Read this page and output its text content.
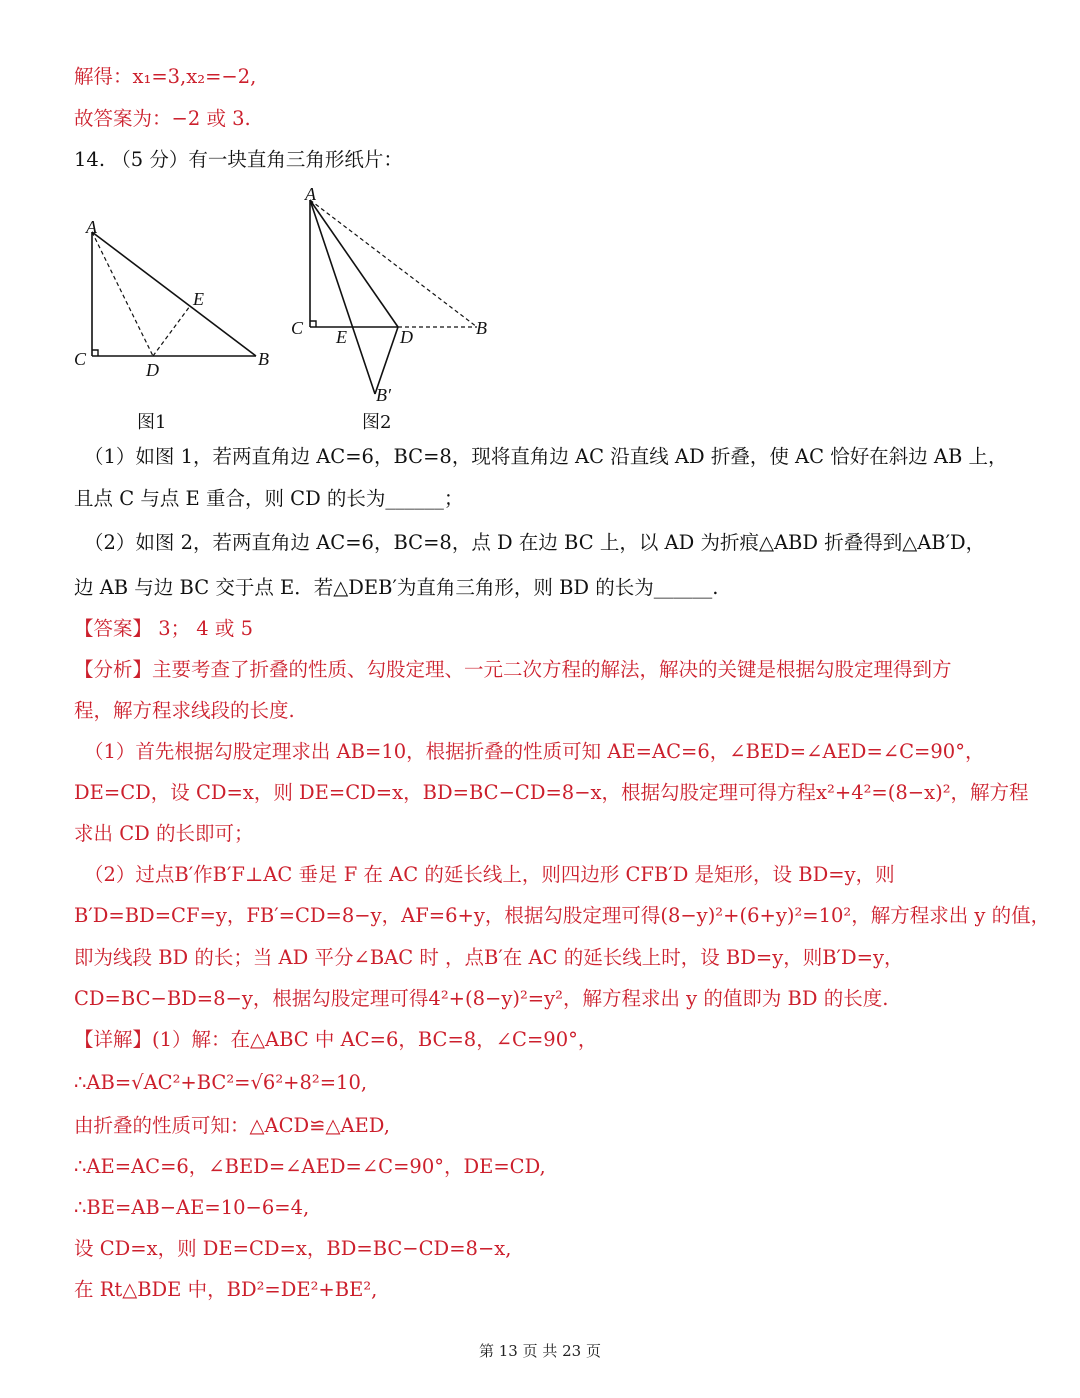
解得：x₁=3,x₂=−2,
故答案为：−2 或 3.
14. （5 分）有一块直角三角形纸片：
A
C
D
E
B
图1
A
C E	D	B
B′
图2
（1）如图 1，若两直角边 AC=6，BC=8，现将直角边 AC 沿直线 AD 折叠，使 AC 恰好在斜边 AB 上，
且点 C 与点 E 重合，则 CD 的长为______；
（2）如图 2，若两直角边 AC=6，BC=8，点 D 在边 BC 上，以 AD 为折痕△ABD 折叠得到△AB′D，
边 AB 与边 BC 交于点 E．若△DEB′为直角三角形，则 BD 的长为______.
【答案】 3； 4 或 5
【分析】主要考查了折叠的性质、勾股定理、一元二次方程的解法，解决的关键是根据勾股定理得到方
程，解方程求线段的长度.
（1）首先根据勾股定理求出 AB=10，根据折叠的性质可知 AE=AC=6，∠BED=∠AED=∠C=90°，
DE=CD，设 CD=x，则 DE=CD=x，BD=BC−CD=8−x，根据勾股定理可得方程x²+4²=(8−x)²，解方程
求出 CD 的长即可；
（2）过点B′作B′F⊥AC 垂足 F 在 AC 的延长线上，则四边形 CFB′D 是矩形，设 BD=y，则
B′D=BD=CF=y，FB′=CD=8−y，AF=6+y，根据勾股定理可得(8−y)²+(6+y)²=10²，解方程求出 y 的值，
即为线段 BD 的长；当 AD 平分∠BAC 时 ，点B′在 AC 的延长线上时，设 BD=y，则B′D=y，
CD=BC−BD=8−y，根据勾股定理可得4²+(8−y)²=y²，解方程求出 y 的值即为 BD 的长度.
【详解】(1）解：在△ABC 中 AC=6，BC=8，∠C=90°，
∴AB=√AC²+BC²=√6²+8²=10,
由折叠的性质可知：△ACD≌△AED,
∴AE=AC=6，∠BED=∠AED=∠C=90°，DE=CD,
∴BE=AB−AE=10−6=4,
设 CD=x，则 DE=CD=x，BD=BC−CD=8−x,
在 Rt△BDE 中，BD²=DE²+BE²,
第 13 页 共 23 页
